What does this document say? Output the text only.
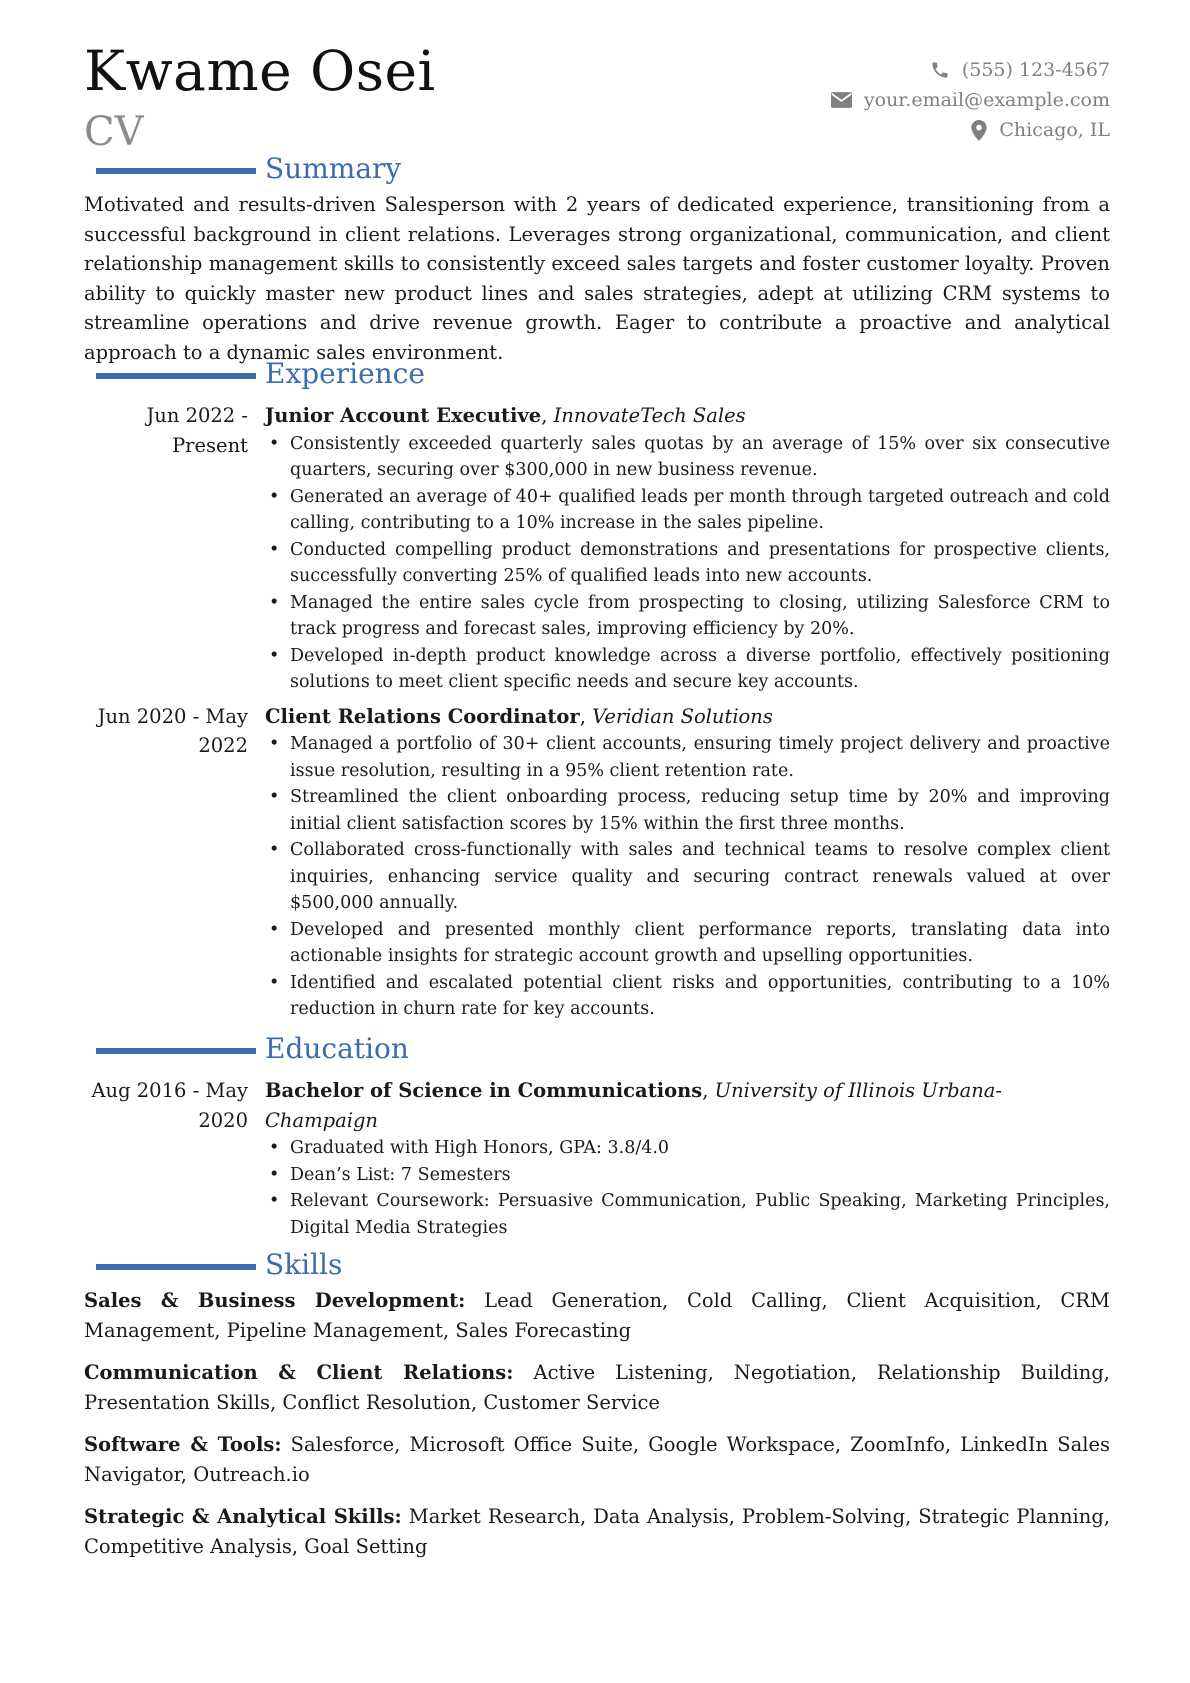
Kwame Osei
CV
(555) 123-4567
your.email@example.com
Chicago, IL
Summary

Motivated and results-driven Salesperson with 2 years of dedicated experience, transitioning from a successful background in client relations. Leverages strong organizational, communication, and client relationship management skills to consistently exceed sales targets and foster customer loyalty. Proven ability to quickly master new product lines and sales strategies, adept at utilizing CRM systems to streamline operations and drive revenue growth. Eager to contribute a proactive and analytical approach to a dynamic sales environment.

Experience
Jun 2022 - Present
Junior Account Executive, InnovateTech Sales
• Consistently exceeded quarterly sales quotas by an average of 15% over six consecutive quarters, securing over $300,000 in new business revenue.
• Generated an average of 40+ qualified leads per month through targeted outreach and cold calling, contributing to a 10% increase in the sales pipeline.
• Conducted compelling product demonstrations and presentations for prospective clients, successfully converting 25% of qualified leads into new accounts.
• Managed the entire sales cycle from prospecting to closing, utilizing Salesforce CRM to track progress and forecast sales, improving efficiency by 20%.
• Developed in-depth product knowledge across a diverse portfolio, effectively positioning solutions to meet client specific needs and secure key accounts.
Jun 2020 - May 2022
Client Relations Coordinator, Veridian Solutions
• Managed a portfolio of 30+ client accounts, ensuring timely project delivery and proactive issue resolution, resulting in a 95% client retention rate.
• Streamlined the client onboarding process, reducing setup time by 20% and improving initial client satisfaction scores by 15% within the first three months.
• Collaborated cross-functionally with sales and technical teams to resolve complex client inquiries, enhancing service quality and securing contract renewals valued at over $500,000 annually.
• Developed and presented monthly client performance reports, translating data into actionable insights for strategic account growth and upselling opportunities.
• Identified and escalated potential client risks and opportunities, contributing to a 10% reduction in churn rate for key accounts.
Education
Aug 2016 - May 2020
Bachelor of Science in Communications, University of Illinois Urbana-Champaign
• Graduated with High Honors, GPA: 3.8/4.0
• Dean’s List: 7 Semesters
• Relevant Coursework: Persuasive Communication, Public Speaking, Marketing Principles, Digital Media Strategies
Skills

Sales & Business Development: Lead Generation, Cold Calling, Client Acquisition, CRM Management, Pipeline Management, Sales Forecasting

Communication & Client Relations: Active Listening, Negotiation, Relationship Building, Presentation Skills, Conflict Resolution, Customer Service

Software & Tools: Salesforce, Microsoft Office Suite, Google Workspace, ZoomInfo, LinkedIn Sales Navigator, Outreach.io

Strategic & Analytical Skills: Market Research, Data Analysis, Problem-Solving, Strategic Planning, Competitive Analysis, Goal Setting
